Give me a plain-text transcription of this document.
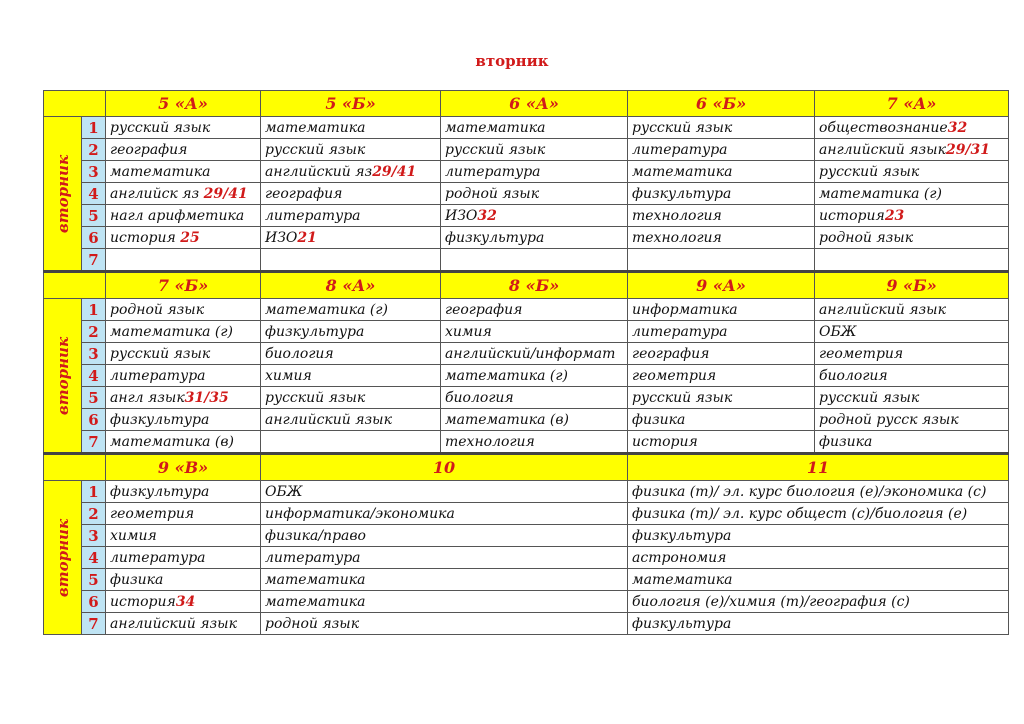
вторник
		5 «А»	5 «Б»	6 «А»	6 «Б»	7 «А»

вторник	1	русский язык	математика	математика	русский язык	обществознание32
	2	география	русский язык	русский язык	литература	английский язык29/31
	3	математика	английский яз29/41	литература	математика	русский язык
	4	английск яз 29/41	география	родной язык	физкультура	математика (г)
	5	нагл арифметика	литература	ИЗО32	технология	история23
	6	история 25	ИЗО21	физкультура	технология	родной язык
	7					
		7 «Б»	8 «А»	8 «Б»	9 «А»	9 «Б»

вторник	1	родной язык	математика (г)	география	информатика	английский язык
	2	математика (г)	физкультура	химия	литература	ОБЖ
	3	русский язык	биология	английский/информат	география	геометрия
	4	литература	химия	математика (г)	геометрия	биология
	5	англ язык31/35	русский язык	биология	русский язык	русский язык
	6	физкультура	английский язык	математика (в)	физика	родной русск язык
	7	математика (в)		технология	история	физика
		9 «В»	10		11	

вторник	1	физкультура	ОБЖ		физика (т)/ эл. курс биология (е)/экономика (с)	
	2	геометрия	информатика/экономика		физика (т)/ эл. курс общест (с)/биология (е)	
	3	химия	физика/право		физкультура	
	4	литература	литература		астрономия	
	5	физика	математика		математика	
	6	история34	математика		биология (е)/химия (т)/география (с)	
	7	английский язык	родной язык		физкультура	
